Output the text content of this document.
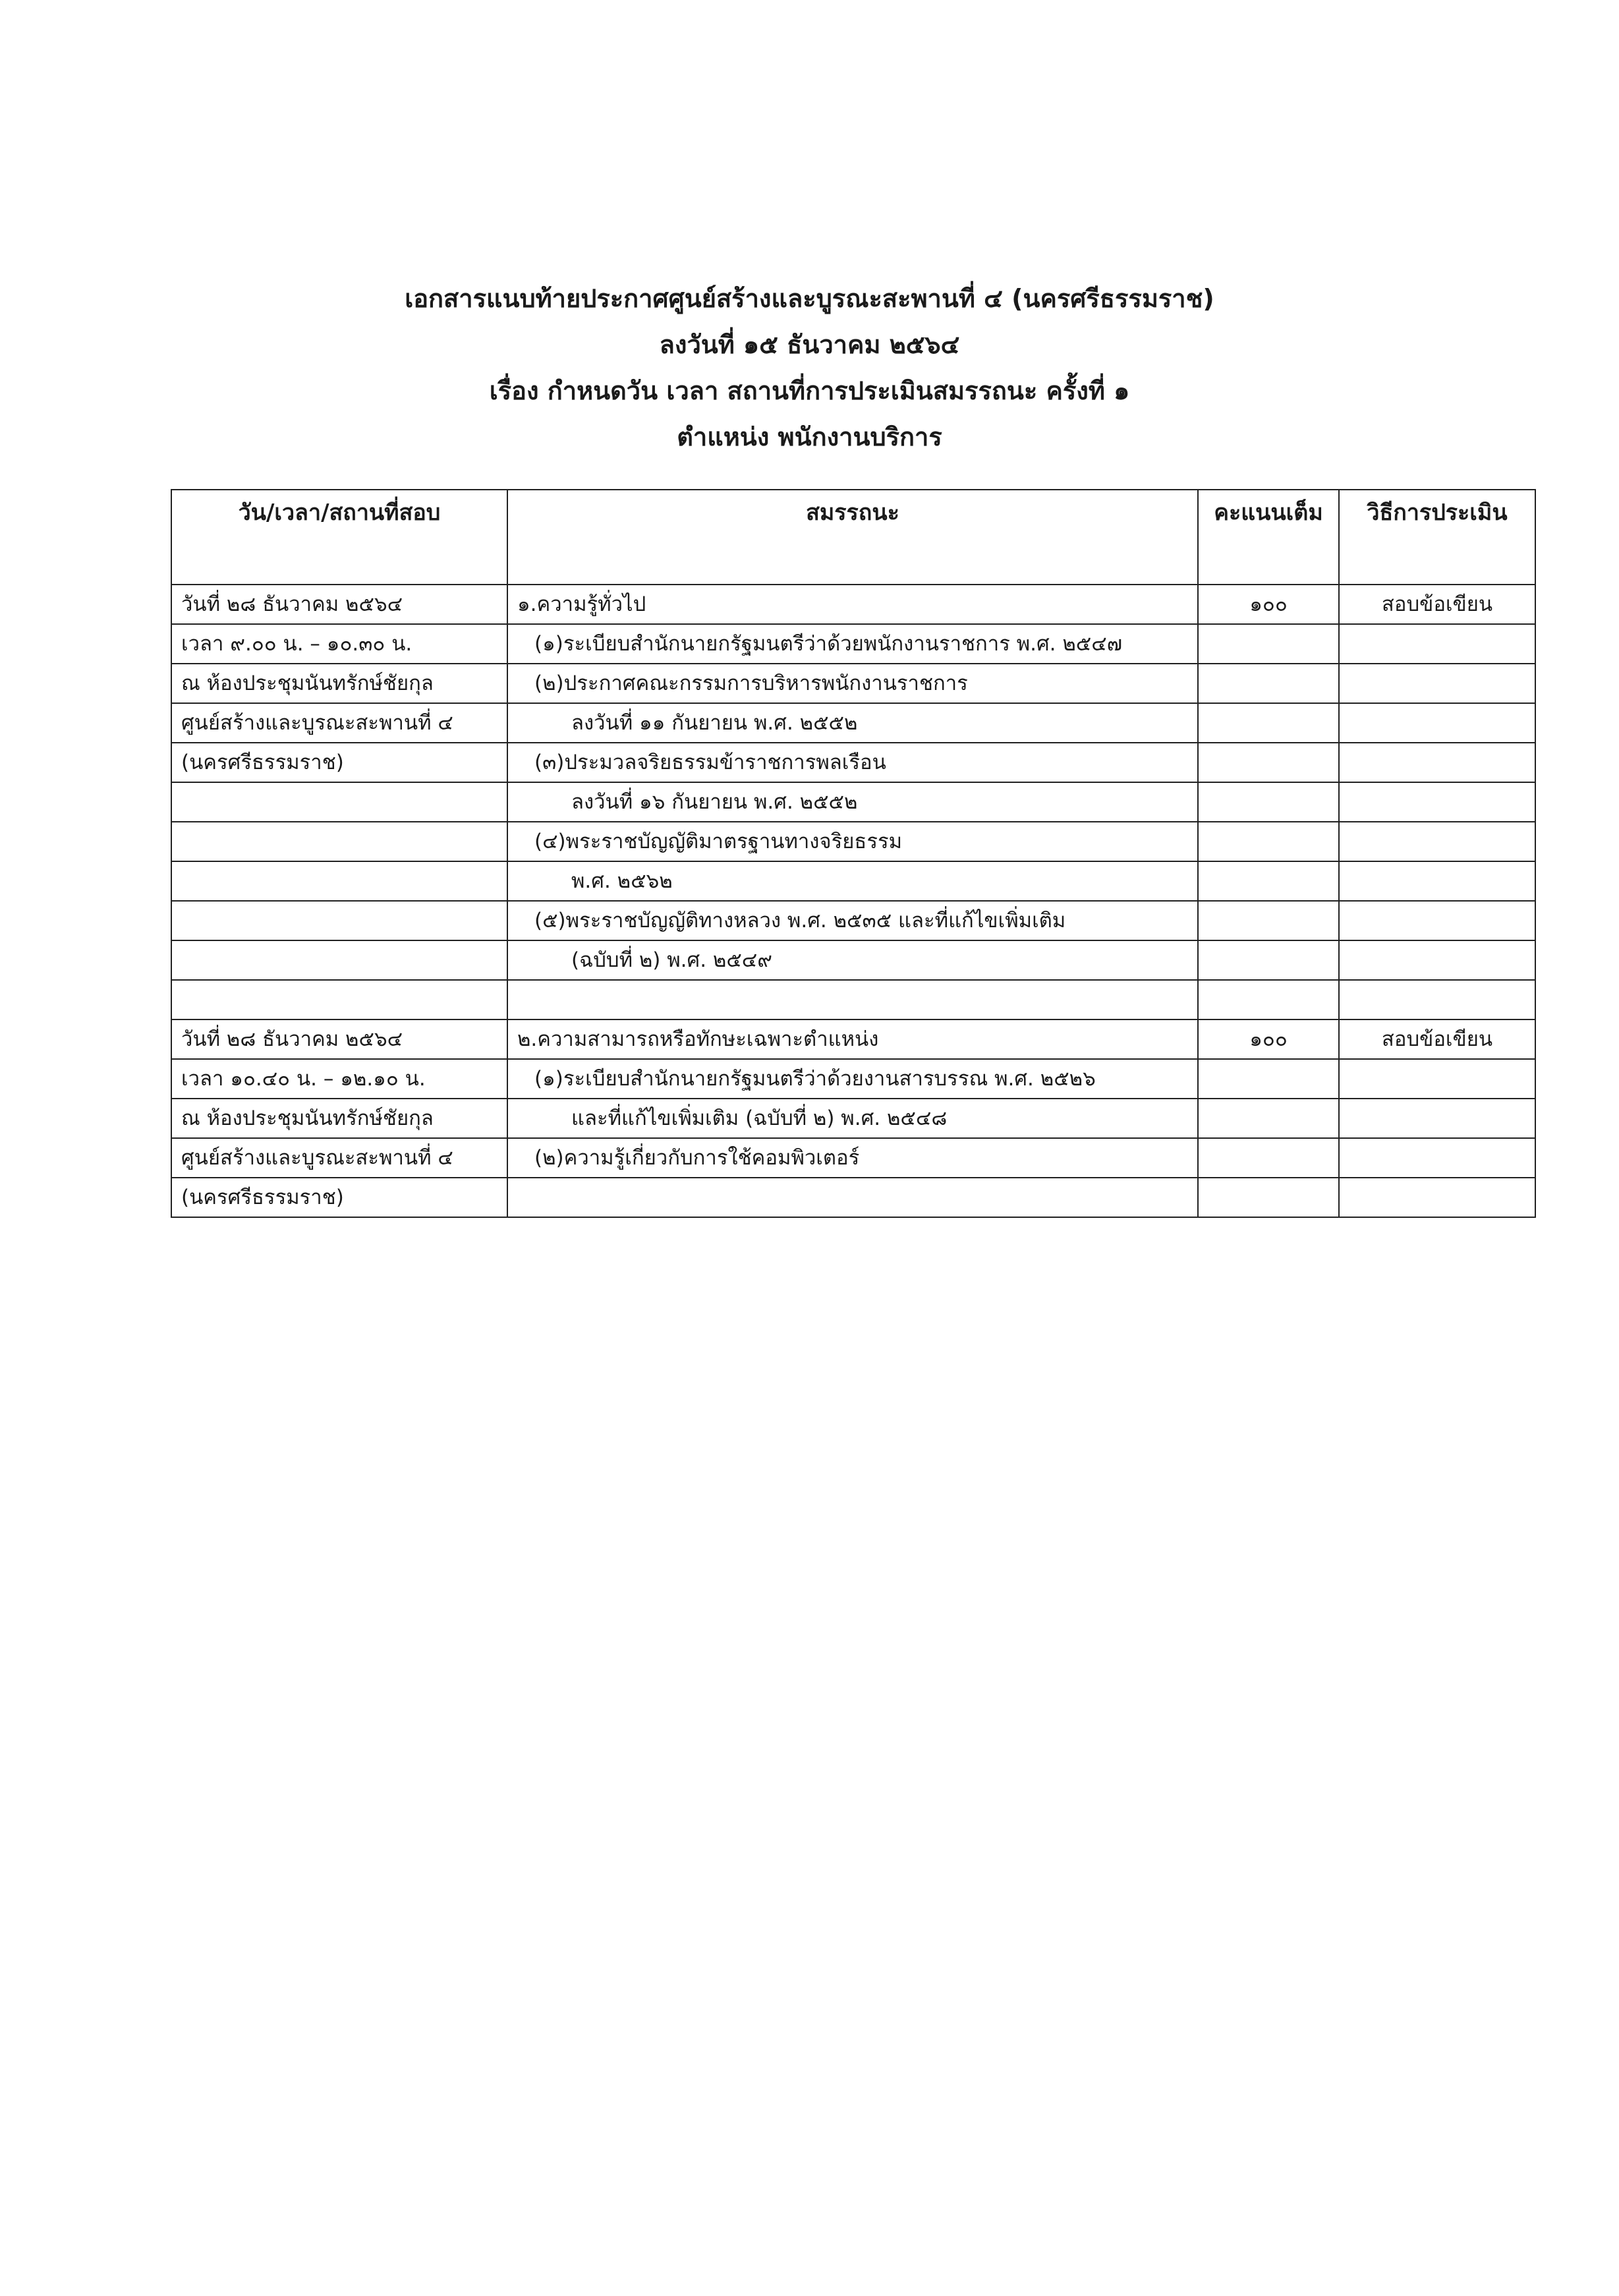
เอกสารแนบท้ายประกาศศูนย์สร้างและบูรณะสะพานที่ ๔ (นครศรีธรรมราช)
ลงวันที่ ๑๕ ธันวาคม ๒๕๖๔
เรื่อง กำหนดวัน เวลา สถานที่การประเมินสมรรถนะ ครั้งที่ ๑
ตำแหน่ง พนักงานบริการ
วัน/เวลา/สถานที่สอบ	สมรรถนะ	คะแนนเต็ม	วิธีการประเมิน
วันที่ ๒๘ ธันวาคม ๒๕๖๔	๑.ความรู้ทั่วไป	๑๐๐	สอบข้อเขียน
เวลา ๙.๐๐ น. – ๑๐.๓๐ น.	(๑)ระเบียบสำนักนายกรัฐมนตรีว่าด้วยพนักงานราชการ พ.ศ. ๒๕๔๗		
ณ ห้องประชุมนันทรักษ์ชัยกุล	(๒)ประกาศคณะกรรมการบริหารพนักงานราชการ		
ศูนย์สร้างและบูรณะสะพานที่ ๔	ลงวันที่ ๑๑ กันยายน พ.ศ. ๒๕๕๒		
(นครศรีธรรมราช)	(๓)ประมวลจริยธรรมข้าราชการพลเรือน		
	ลงวันที่ ๑๖ กันยายน พ.ศ. ๒๕๕๒		
	(๔)พระราชบัญญัติมาตรฐานทางจริยธรรม		
	พ.ศ. ๒๕๖๒		
	(๕)พระราชบัญญัติทางหลวง พ.ศ. ๒๕๓๕ และที่แก้ไขเพิ่มเติม		
	(ฉบับที่ ๒) พ.ศ. ๒๕๔๙		

วันที่ ๒๘ ธันวาคม ๒๕๖๔	๒.ความสามารถหรือทักษะเฉพาะตำแหน่ง	๑๐๐	สอบข้อเขียน
เวลา ๑๐.๔๐ น. – ๑๒.๑๐ น.	(๑)ระเบียบสำนักนายกรัฐมนตรีว่าด้วยงานสารบรรณ พ.ศ. ๒๕๒๖		
ณ ห้องประชุมนันทรักษ์ชัยกุล	และที่แก้ไขเพิ่มเติม (ฉบับที่ ๒) พ.ศ. ๒๕๔๘		
ศูนย์สร้างและบูรณะสะพานที่ ๔	(๒)ความรู้เกี่ยวกับการใช้คอมพิวเตอร์		
(นครศรีธรรมราช)			
